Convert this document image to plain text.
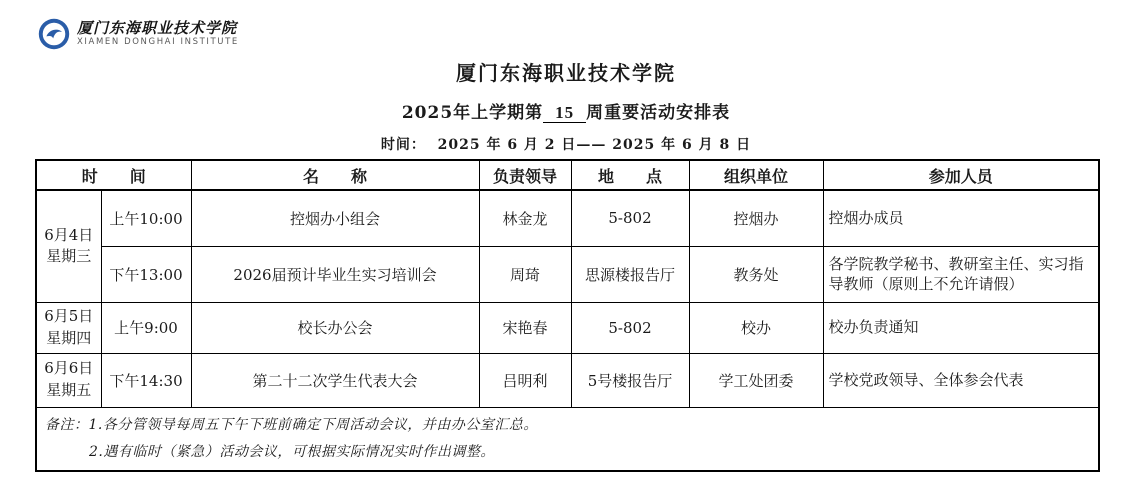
厦门东海职业技术学院
XIAMEN DONGHAI INSTITUTE
厦门东海职业技术学院
2025年上学期第 15 周重要活动安排表
时间：  2025 年 6 月 2 日—— 2025 年 6 月 8 日
时　　间		名　　称	负责领导	地　　点	组织单位	参加人员

6月4日
星期三	上午10:00	控烟办小组会	林金龙	5-802	控烟办	控烟办成员
	下午13:00	2026届预计毕业生实习培训会	周琦	思源楼报告厅	教务处	各学院教学秘书、教研室主任、实习指导教师（原则上不允许请假）

6月5日
星期四	上午9:00	校长办公会	宋艳春	5-802	校办	校办负责通知

6月6日
星期五	下午14:30	第二十二次学生代表大会	吕明利	5号楼报告厅	学工处团委	学校党政领导、全体参会代表

备注：1.各分管领导每周五下午下班前确定下周活动会议，并由办公室汇总。
2.遇有临时（紧急）活动会议，可根据实际情况实时作出调整。						
